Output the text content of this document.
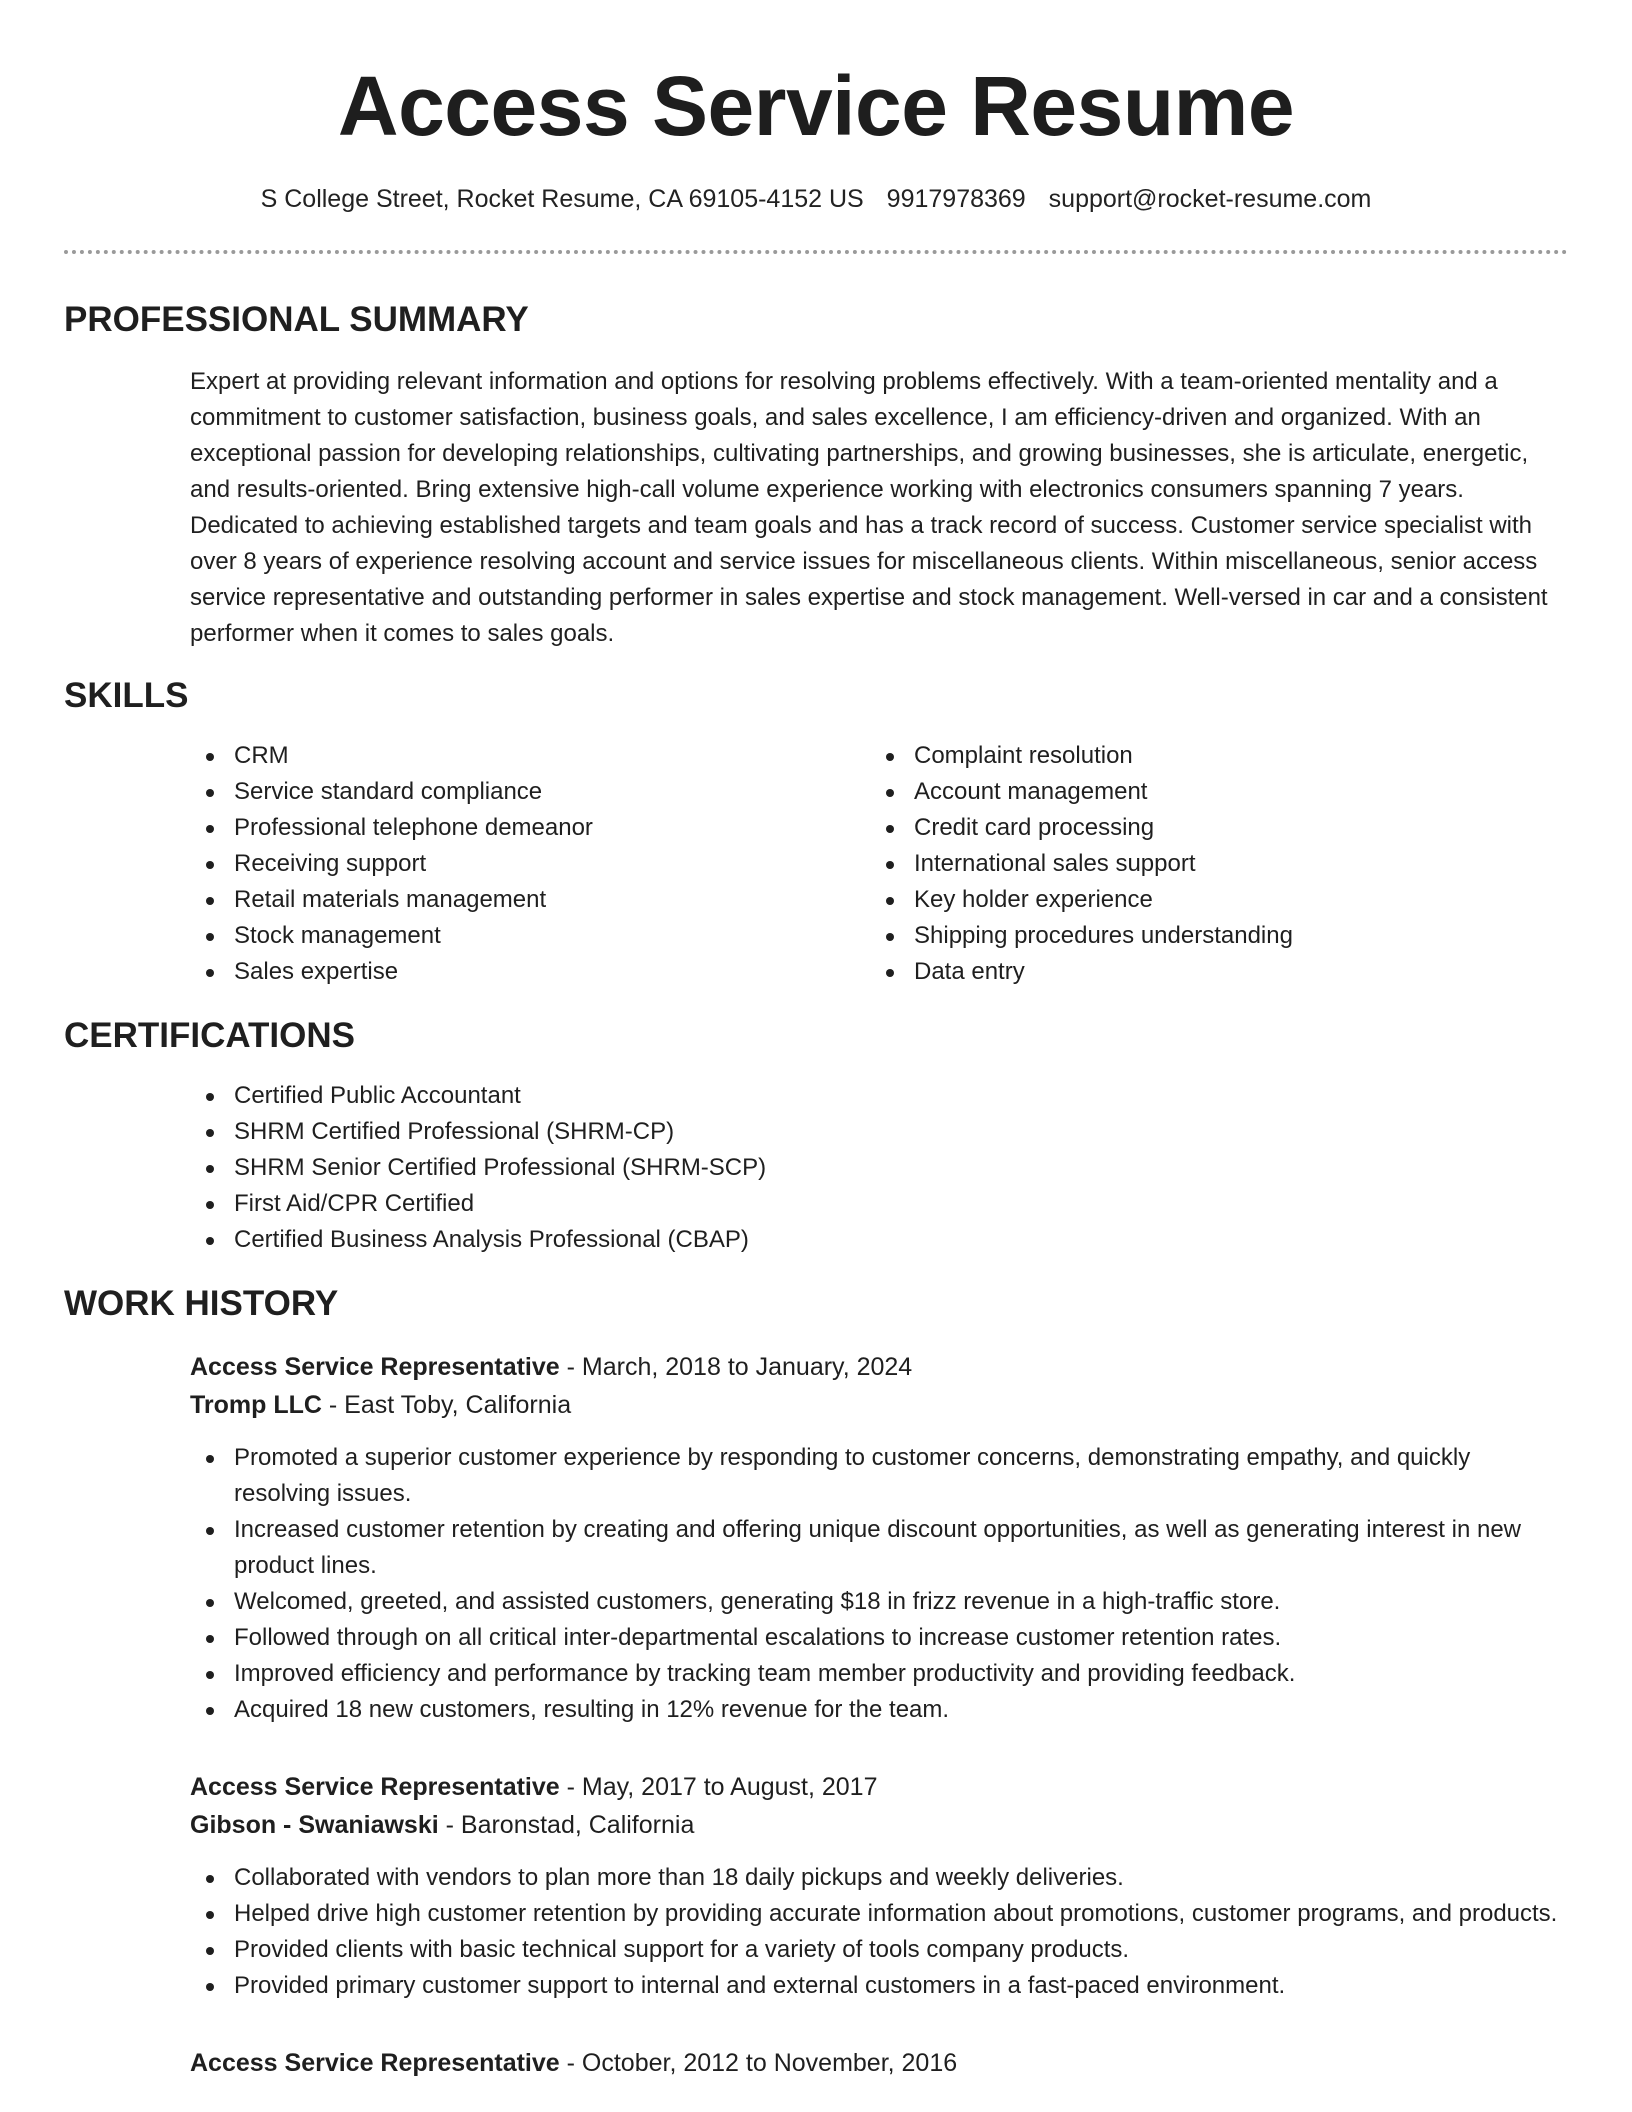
Access Service Resume
S College Street, Rocket Resume, CA 69105-4152 US 9917978369 support@rocket-resume.com
PROFESSIONAL SUMMARY

Expert at providing relevant information and options for resolving problems effectively. With a team-oriented mentality and a commitment to customer satisfaction, business goals, and sales excellence, I am efficiency-driven and organized. With an exceptional passion for developing relationships, cultivating partnerships, and growing businesses, she is articulate, energetic, and results-oriented. Bring extensive high-call volume experience working with electronics consumers spanning 7 years. Dedicated to achieving established targets and team goals and has a track record of success. Customer service specialist with over 8 years of experience resolving account and service issues for miscellaneous clients. Within miscellaneous, senior access service representative and outstanding performer in sales expertise and stock management. Well-versed in car and a consistent performer when it comes to sales goals.

SKILLS
CRM
Service standard compliance
Professional telephone demeanor
Receiving support
Retail materials management
Stock management
Sales expertise
Complaint resolution
Account management
Credit card processing
International sales support
Key holder experience
Shipping procedures understanding
Data entry
CERTIFICATIONS
Certified Public Accountant
SHRM Certified Professional (SHRM-CP)
SHRM Senior Certified Professional (SHRM-SCP)
First Aid/CPR Certified
Certified Business Analysis Professional (CBAP)
WORK HISTORY
Access Service Representative - March, 2018 to January, 2024
Tromp LLC - East Toby, California
Promoted a superior customer experience by responding to customer concerns, demonstrating empathy, and quickly resolving issues.
Increased customer retention by creating and offering unique discount opportunities, as well as generating interest in new product lines.
Welcomed, greeted, and assisted customers, generating $18 in frizz revenue in a high-traffic store.
Followed through on all critical inter-departmental escalations to increase customer retention rates.
Improved efficiency and performance by tracking team member productivity and providing feedback.
Acquired 18 new customers, resulting in 12% revenue for the team.
Access Service Representative - May, 2017 to August, 2017
Gibson - Swaniawski - Baronstad, California
Collaborated with vendors to plan more than 18 daily pickups and weekly deliveries.
Helped drive high customer retention by providing accurate information about promotions, customer programs, and products.
Provided clients with basic technical support for a variety of tools company products.
Provided primary customer support to internal and external customers in a fast-paced environment.
Access Service Representative - October, 2012 to November, 2016
